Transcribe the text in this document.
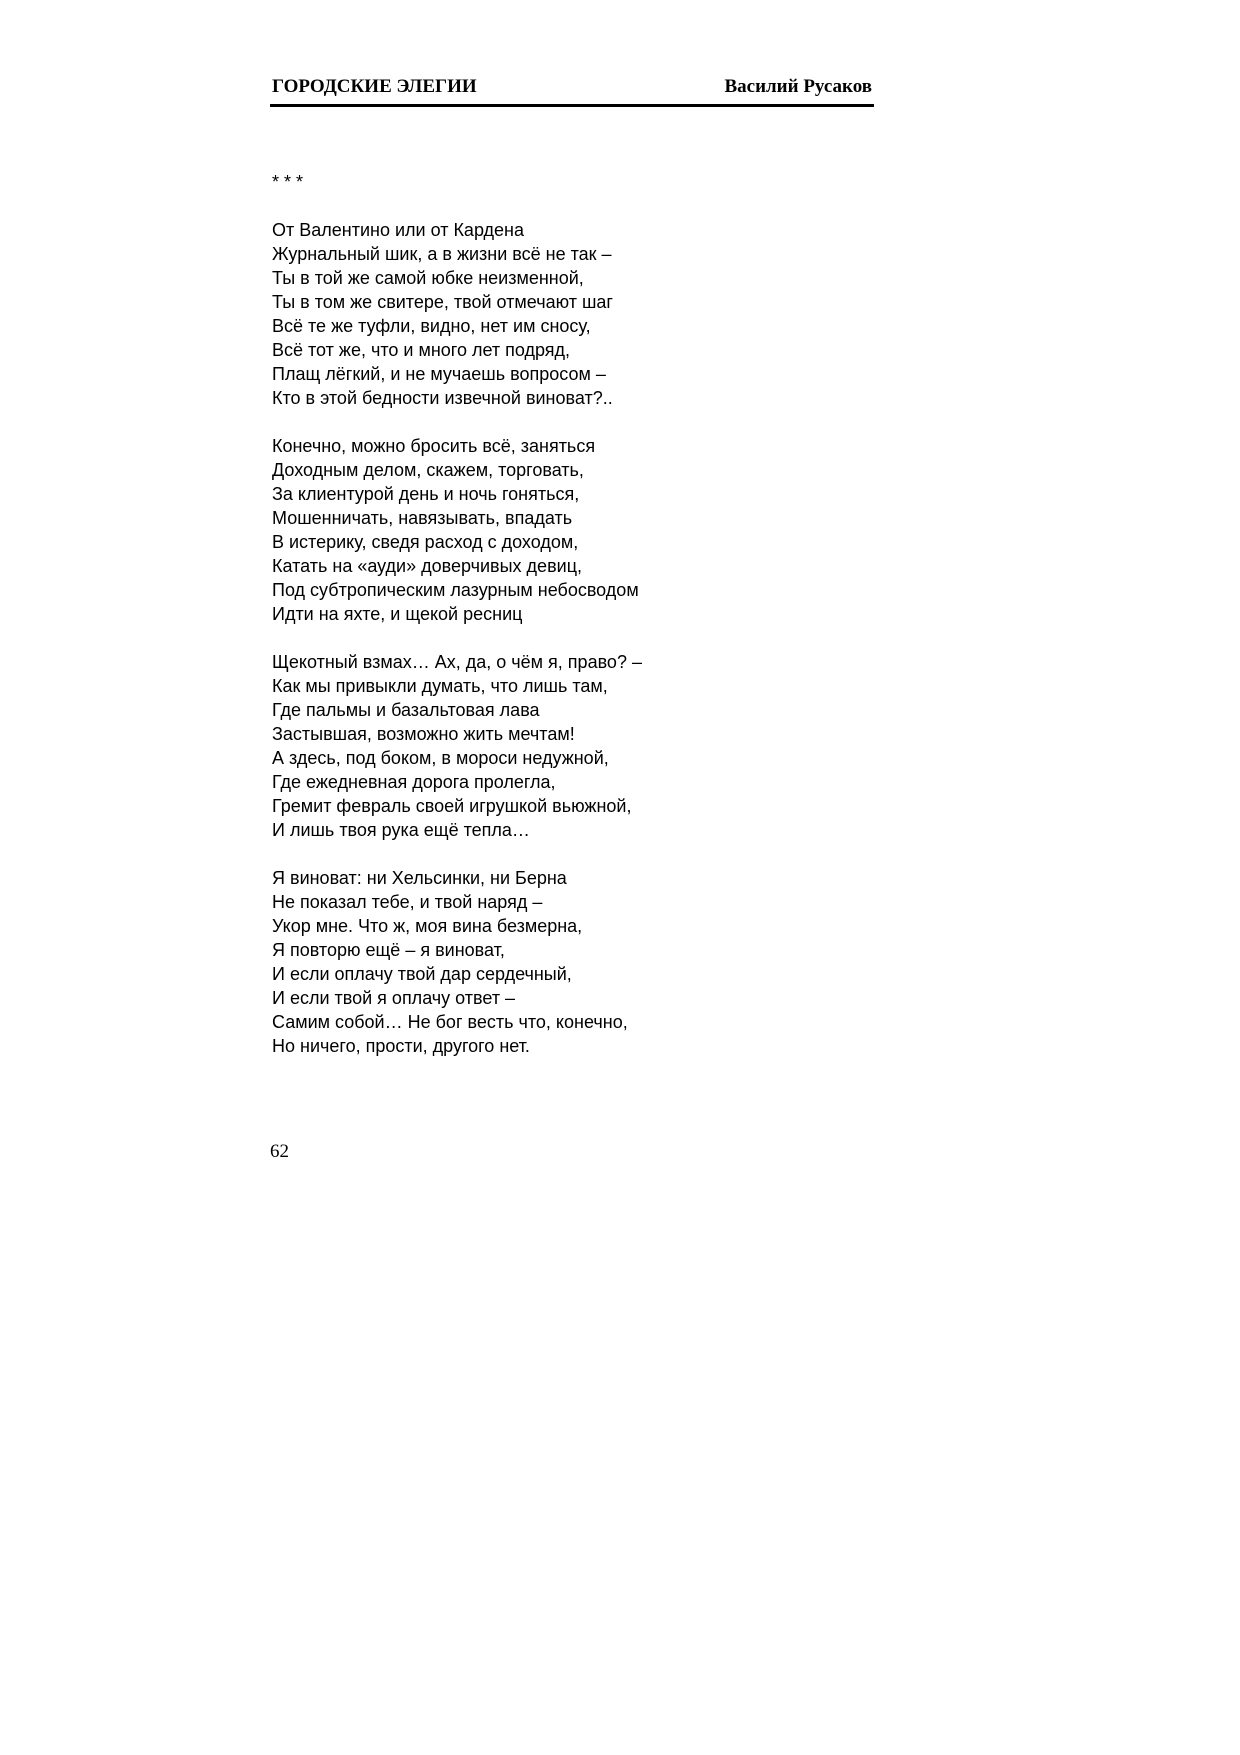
ГОРОДСКИЕ ЭЛЕГИИ	Василий Русаков
* * *
От Валентино или от Кардена
Журнальный шик, а в жизни всё не так –
Ты в той же самой юбке неизменной,
Ты в том же свитере, твой отмечают шаг
Всё те же туфли, видно, нет им сносу,
Всё тот же, что и много лет подряд,
Плащ лёгкий, и не мучаешь вопросом –
Кто в этой бедности извечной виноват?..
Конечно, можно бросить всё, заняться
Доходным делом, скажем, торговать,
За клиентурой день и ночь гоняться,
Мошенничать, навязывать, впадать
В истерику, сведя расход с доходом,
Катать на «ауди» доверчивых девиц,
Под субтропическим лазурным небосводом
Идти на яхте, и щекой ресниц
Щекотный взмах… Ах, да, о чём я, право? –
Как мы привыкли думать, что лишь там,
Где пальмы и базальтовая лава
Застывшая, возможно жить мечтам!
А здесь, под боком, в мороси недужной,
Где ежедневная дорога пролегла,
Гремит февраль своей игрушкой вьюжной,
И лишь твоя рука ещё тепла…
Я виноват: ни Хельсинки, ни Берна
Не показал тебе, и твой наряд –
Укор мне. Что ж, моя вина безмерна,
Я повторю ещё – я виноват,
И если оплачу твой дар сердечный,
И если твой я оплачу ответ –
Самим собой… Не бог весть что, конечно,
Но ничего, прости, другого нет.
62
